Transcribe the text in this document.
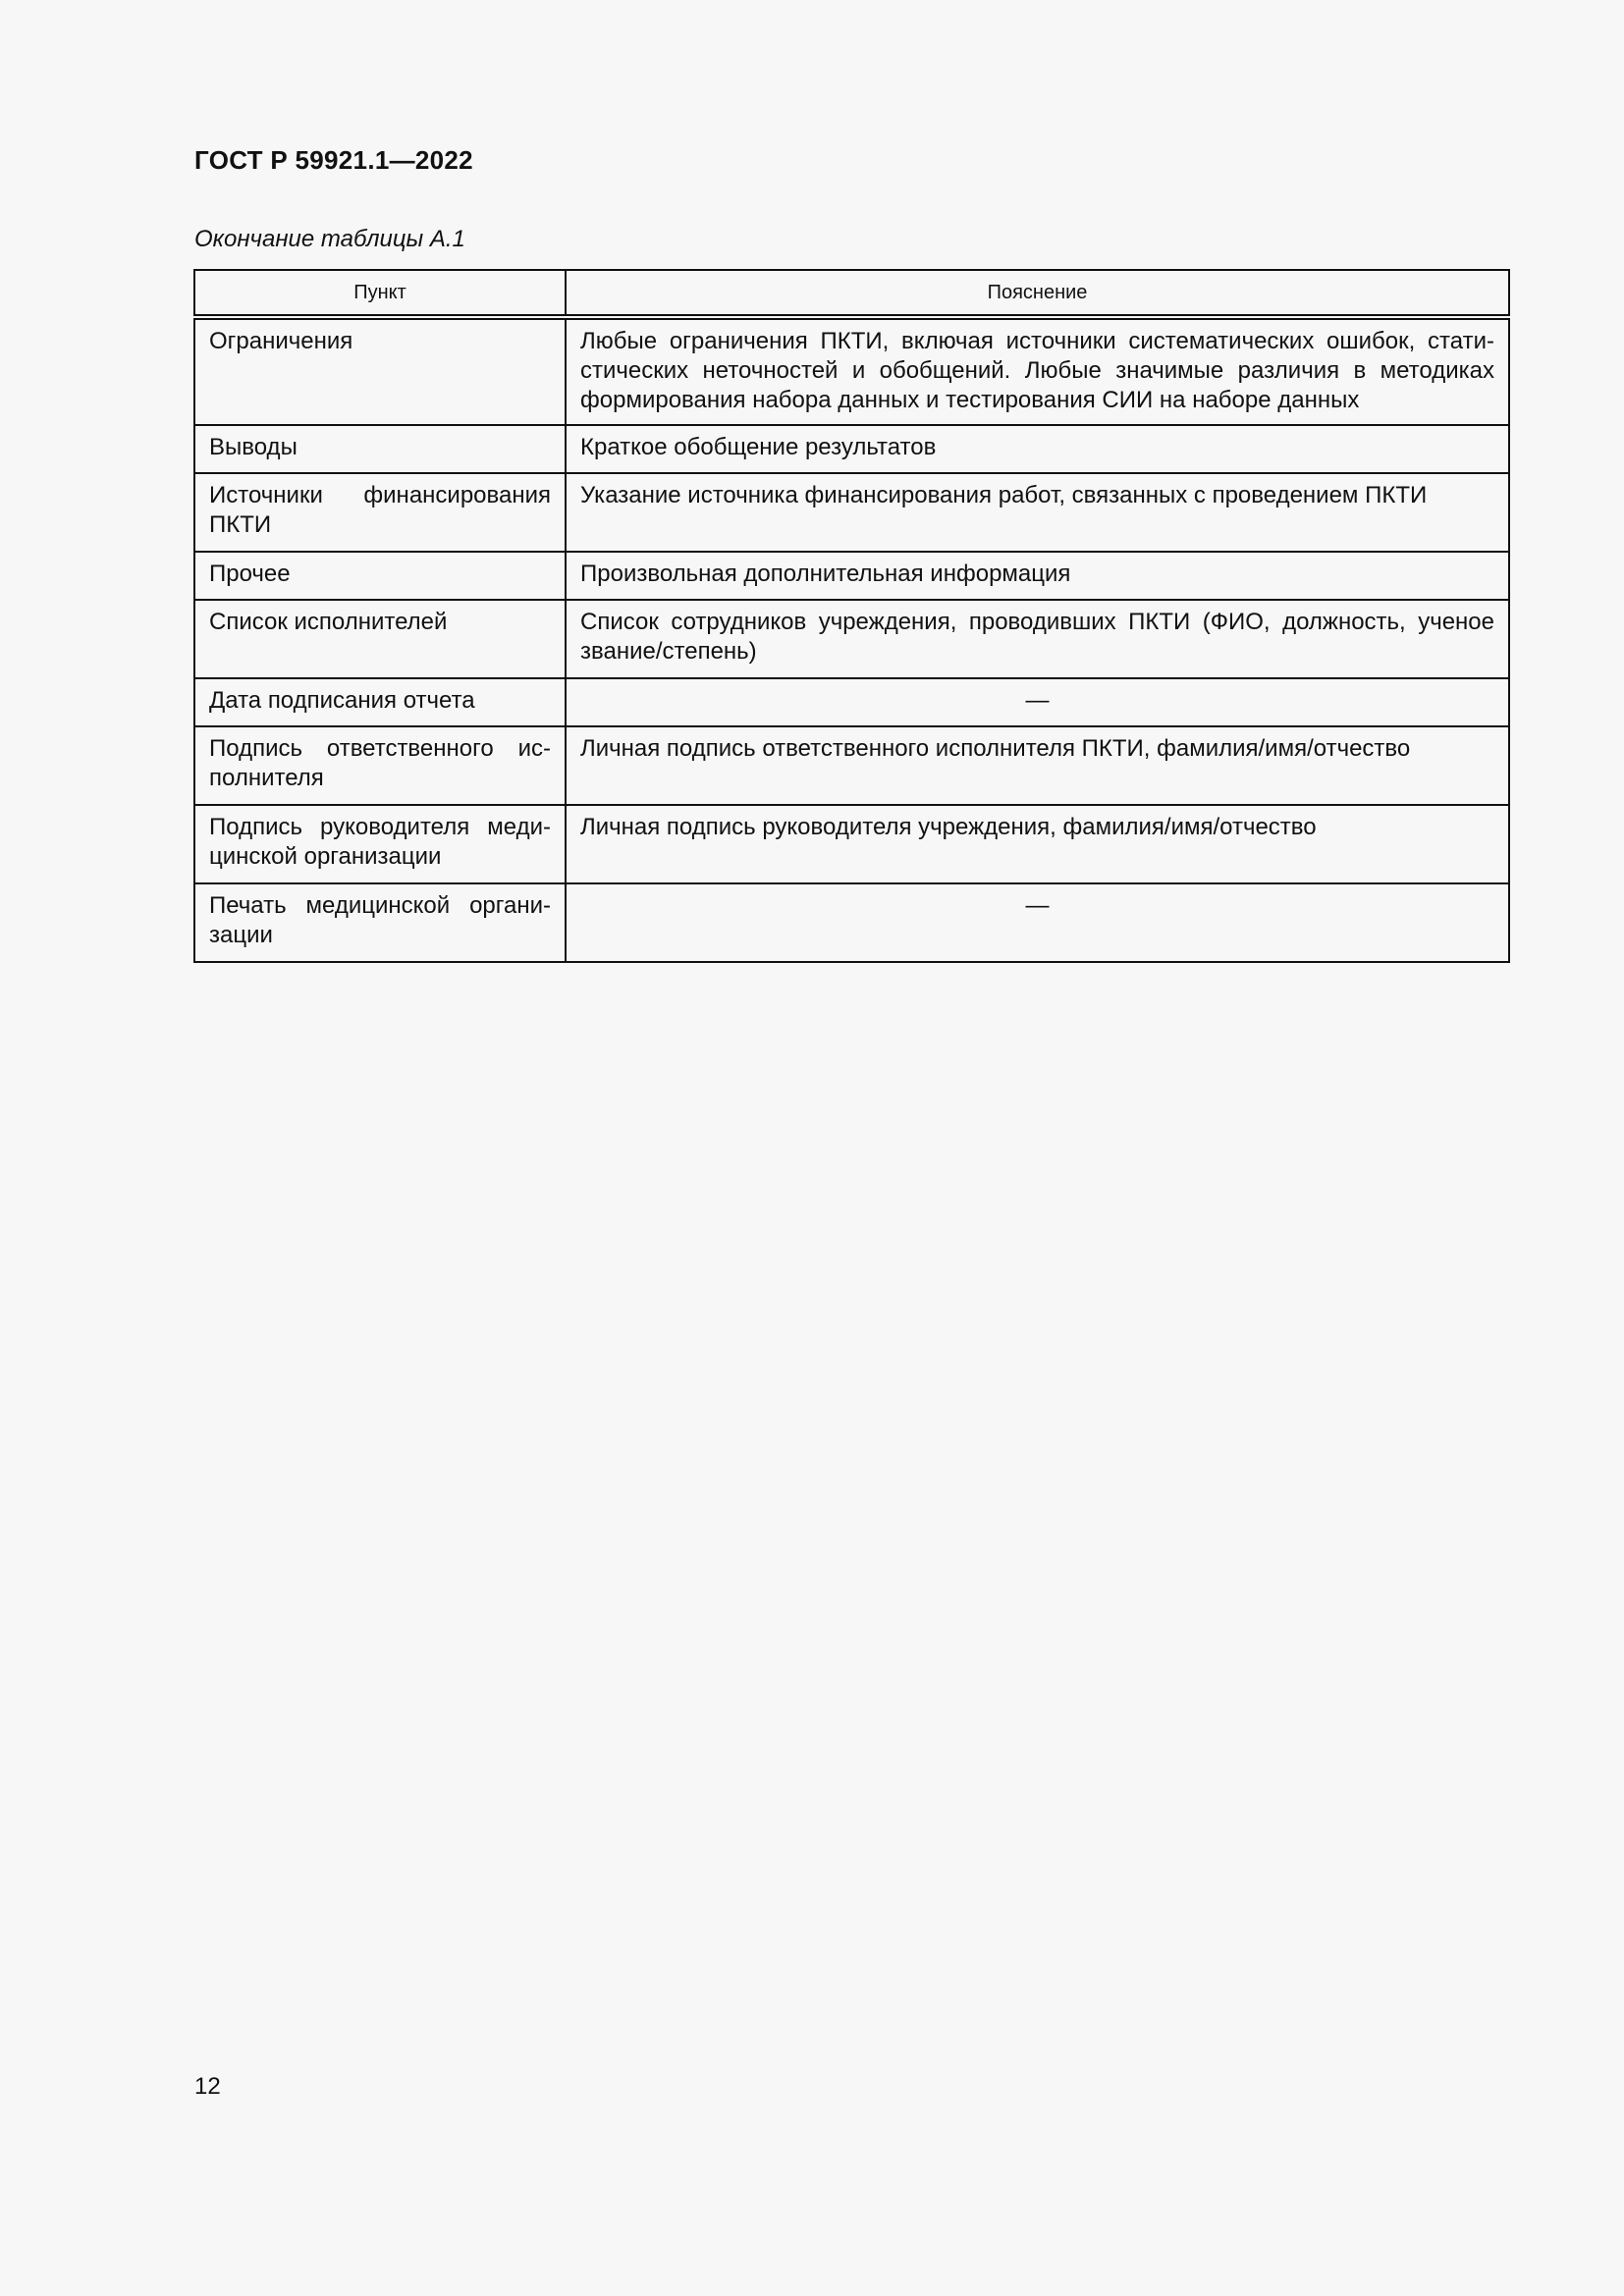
ГОСТ Р 59921.1—2022
Окончание таблицы А.1
Пункт	Пояснение
Ограничения	Любые ограничения ПКТИ, включая источники систематических ошибок, статистических неточностей и обобщений. Любые значимые различия в методиках формирования набора данных и тестирования СИИ на наборе данных
Выводы	Краткое обобщение результатов
Источники финансирования ПКТИ	Указание источника финансирования работ, связанных с проведением ПКТИ
Прочее	Произвольная дополнительная информация
Список исполнителей	Список сотрудников учреждения, проводивших ПКТИ (ФИО, должность, ученое звание/степень)
Дата подписания отчета	—
Подпись ответственного исполнителя	Личная подпись ответственного исполнителя ПКТИ, фамилия/имя/отчество
Подпись руководителя медицинской организации	Личная подпись руководителя учреждения, фамилия/имя/отчество
Печать медицинской организации	—
12
